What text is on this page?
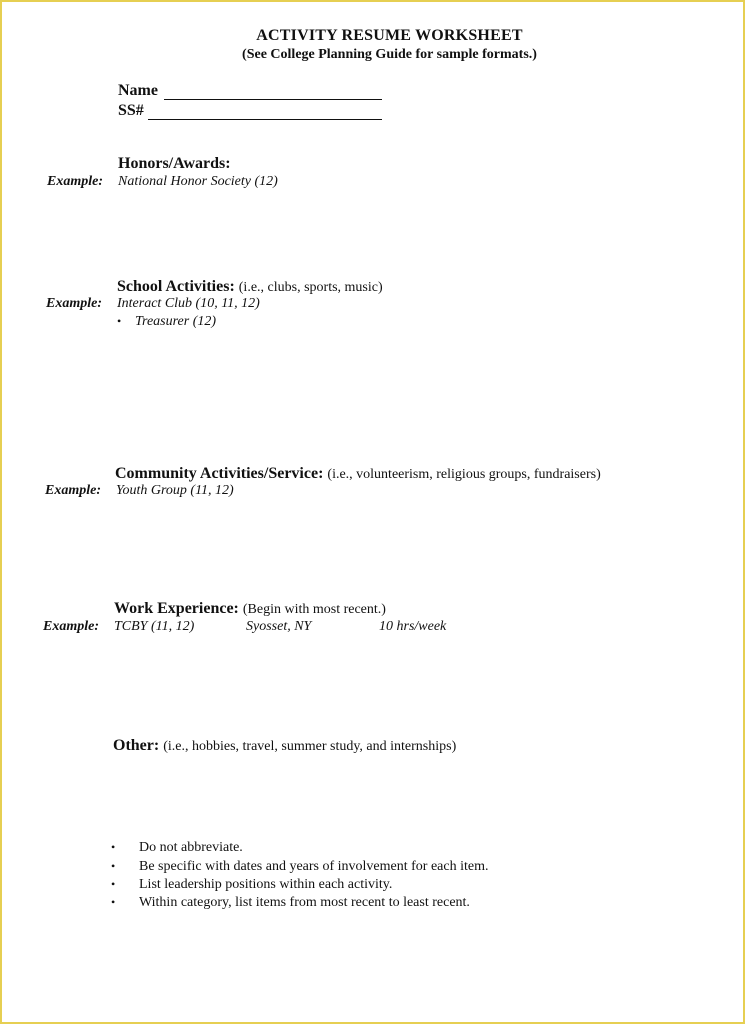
ACTIVITY RESUME WORKSHEET
(See College Planning Guide for sample formats.)
Name
SS#
Honors/Awards:
Example: National Honor Society (12)
School Activities: (i.e., clubs, sports, music)
Example: Interact Club (10, 11, 12)
• Treasurer (12)
Community Activities/Service: (i.e., volunteerism, religious groups, fundraisers)
Example: Youth Group (11, 12)
Work Experience: (Begin with most recent.)
Example: TCBY (11, 12)	Syosset, NY	10 hrs/week
Other: (i.e., hobbies, travel, summer study, and internships)
• Do not abbreviate.
• Be specific with dates and years of involvement for each item.
• List leadership positions within each activity.
• Within category, list items from most recent to least recent.
